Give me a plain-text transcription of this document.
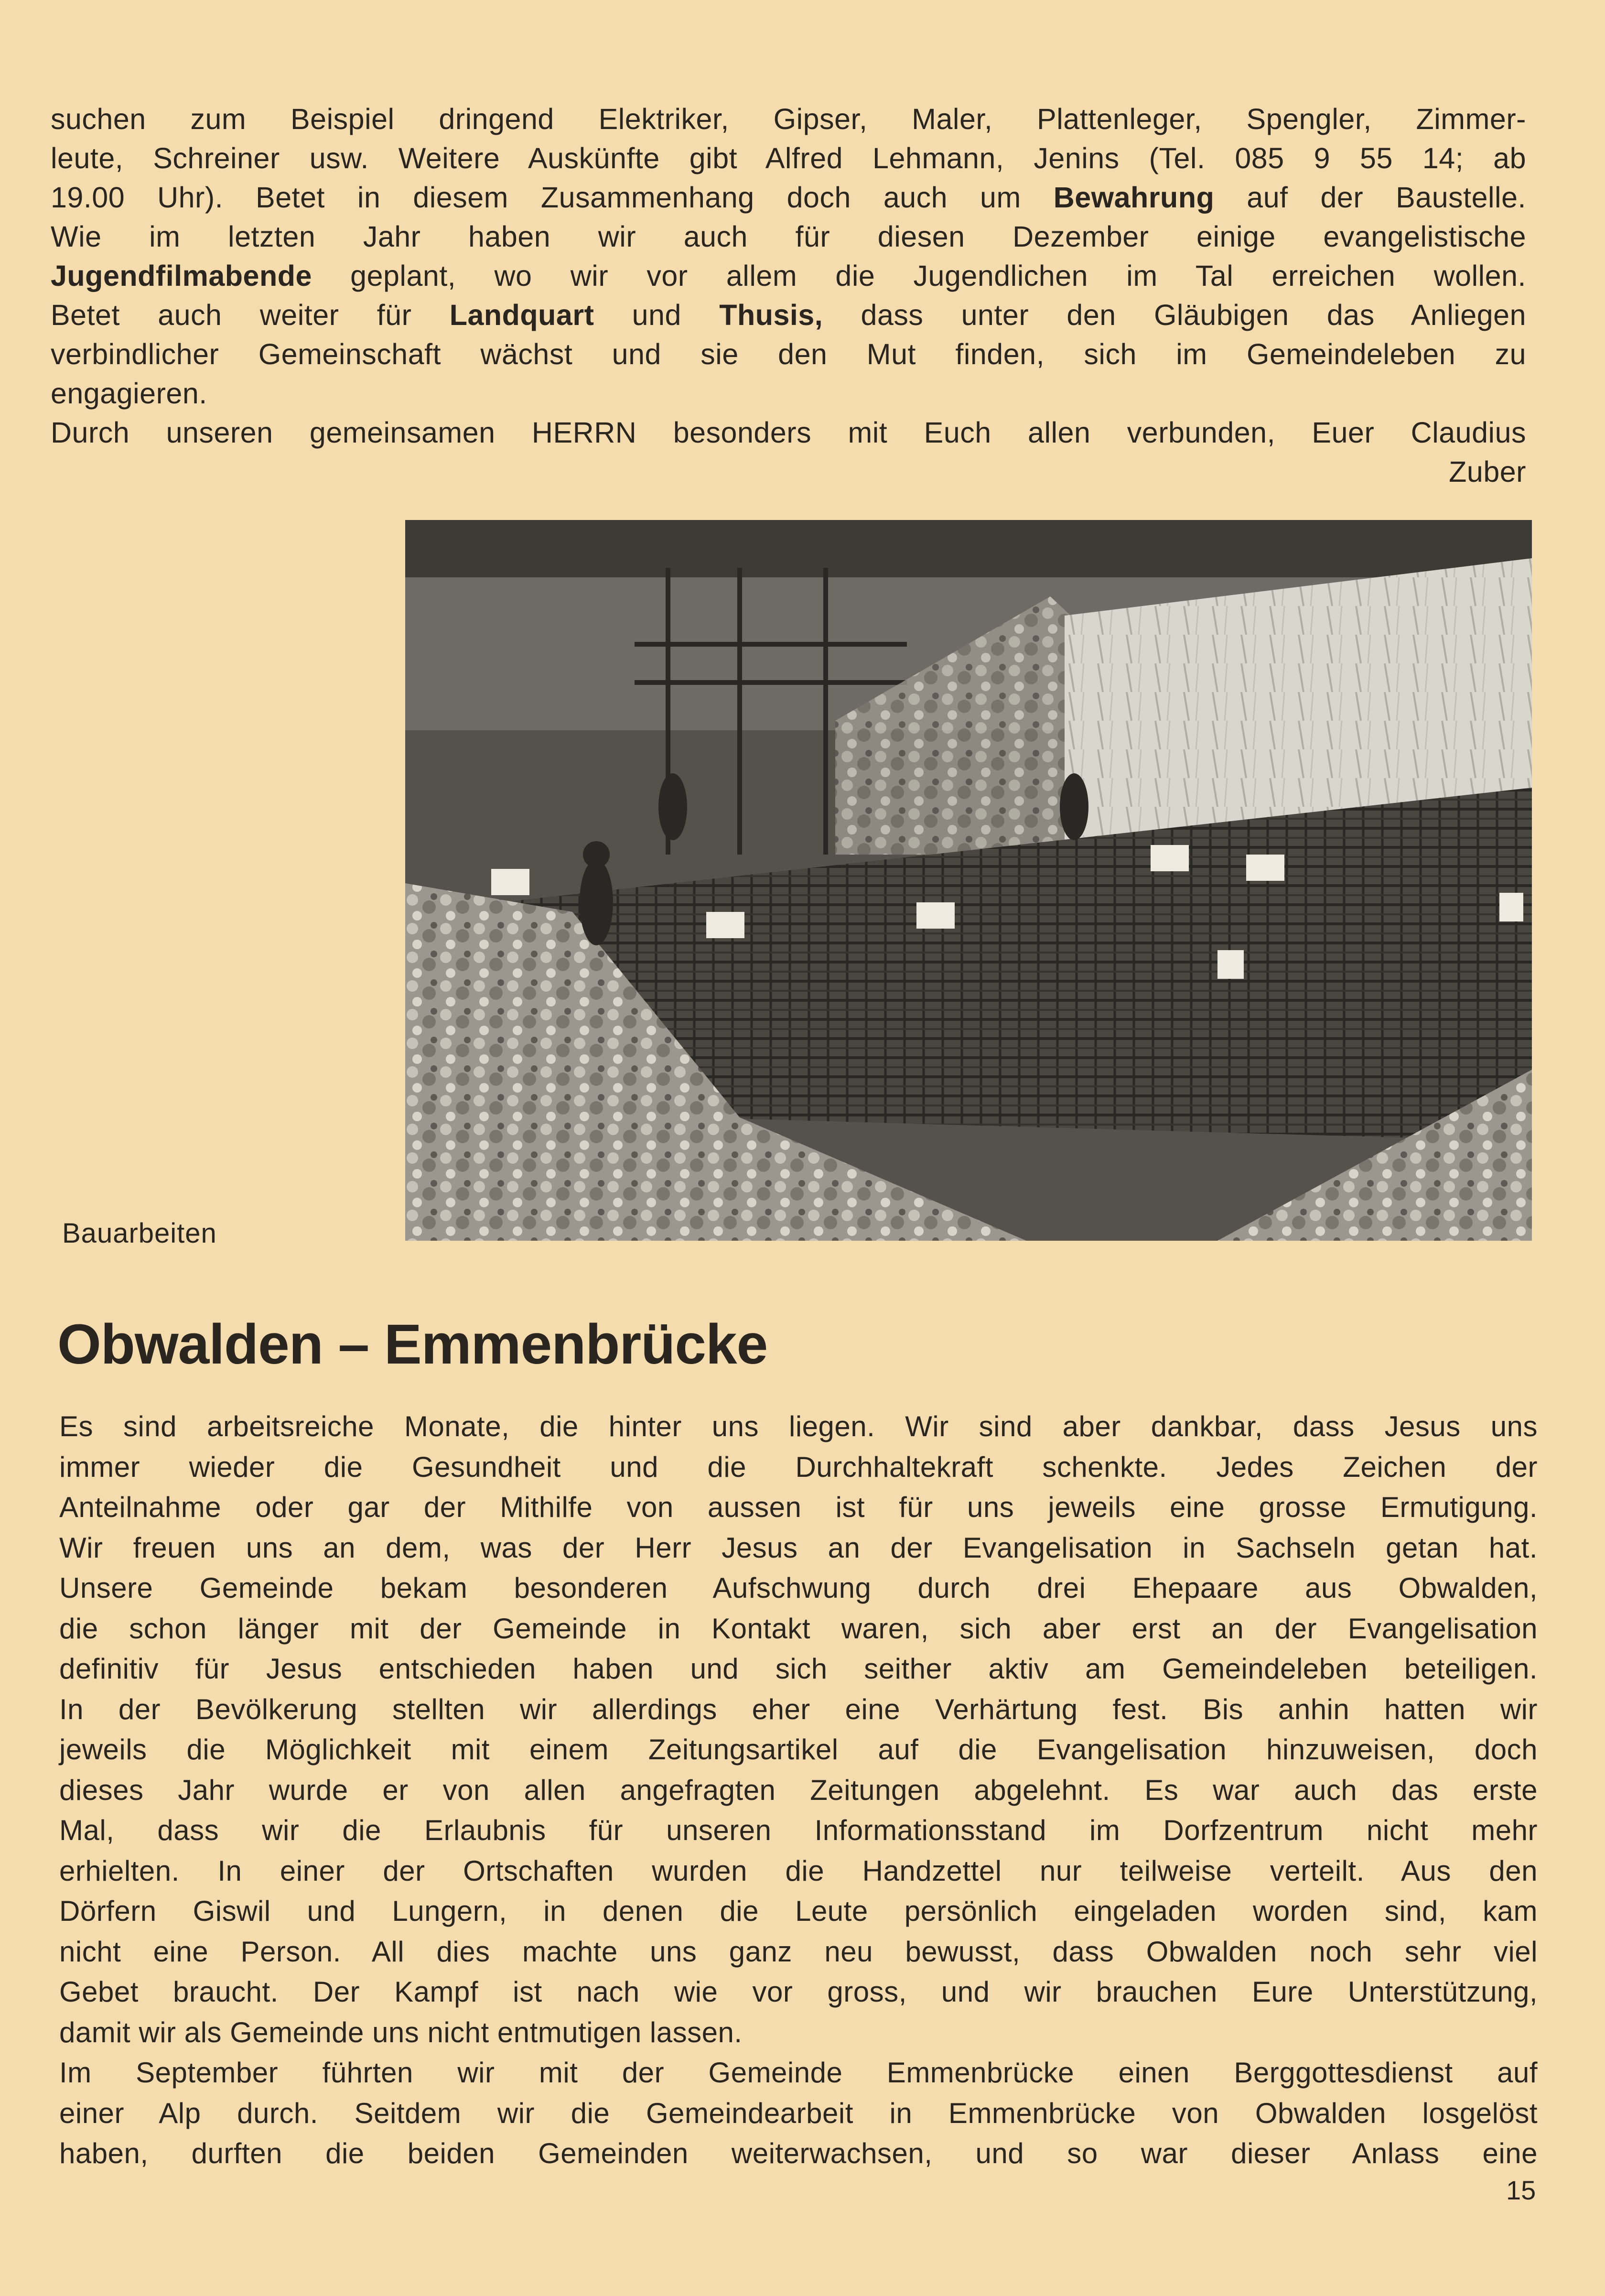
suchen zum Beispiel dringend Elektriker, Gipser, Maler, Plattenleger, Spengler, Zimmer-
leute, Schreiner usw. Weitere Auskünfte gibt Alfred Lehmann, Jenins (Tel. 085 9 55 14; ab
19.00 Uhr). Betet in diesem Zusammenhang doch auch um Bewahrung auf der Baustelle.
Wie im letzten Jahr haben wir auch für diesen Dezember einige evangelistische
Jugendfilmabende geplant, wo wir vor allem die Jugendlichen im Tal erreichen wollen.
Betet auch weiter für Landquart und Thusis, dass unter den Gläubigen das Anliegen
verbindlicher Gemeinschaft wächst und sie den Mut finden, sich im Gemeindeleben zu
engagieren.
Durch unseren gemeinsamen HERRN besonders mit Euch allen verbunden, Euer Claudius
Zuber
Bauarbeiten
Obwalden – Emmenbrücke
Es sind arbeitsreiche Monate, die hinter uns liegen. Wir sind aber dankbar, dass Jesus uns
immer wieder die Gesundheit und die Durchhaltekraft schenkte. Jedes Zeichen der
Anteilnahme oder gar der Mithilfe von aussen ist für uns jeweils eine grosse Ermutigung.
Wir freuen uns an dem, was der Herr Jesus an der Evangelisation in Sachseln getan hat.
Unsere Gemeinde bekam besonderen Aufschwung durch drei Ehepaare aus Obwalden,
die schon länger mit der Gemeinde in Kontakt waren, sich aber erst an der Evangelisation
definitiv für Jesus entschieden haben und sich seither aktiv am Gemeindeleben beteiligen.
In der Bevölkerung stellten wir allerdings eher eine Verhärtung fest. Bis anhin hatten wir
jeweils die Möglichkeit mit einem Zeitungsartikel auf die Evangelisation hinzuweisen, doch
dieses Jahr wurde er von allen angefragten Zeitungen abgelehnt. Es war auch das erste
Mal, dass wir die Erlaubnis für unseren Informationsstand im Dorfzentrum nicht mehr
erhielten. In einer der Ortschaften wurden die Handzettel nur teilweise verteilt. Aus den
Dörfern Giswil und Lungern, in denen die Leute persönlich eingeladen worden sind, kam
nicht eine Person. All dies machte uns ganz neu bewusst, dass Obwalden noch sehr viel
Gebet braucht. Der Kampf ist nach wie vor gross, und wir brauchen Eure Unterstützung,
damit wir als Gemeinde uns nicht entmutigen lassen.
Im September führten wir mit der Gemeinde Emmenbrücke einen Berggottesdienst auf
einer Alp durch. Seitdem wir die Gemeindearbeit in Emmenbrücke von Obwalden losgelöst
haben, durften die beiden Gemeinden weiterwachsen, und so war dieser Anlass eine
15
